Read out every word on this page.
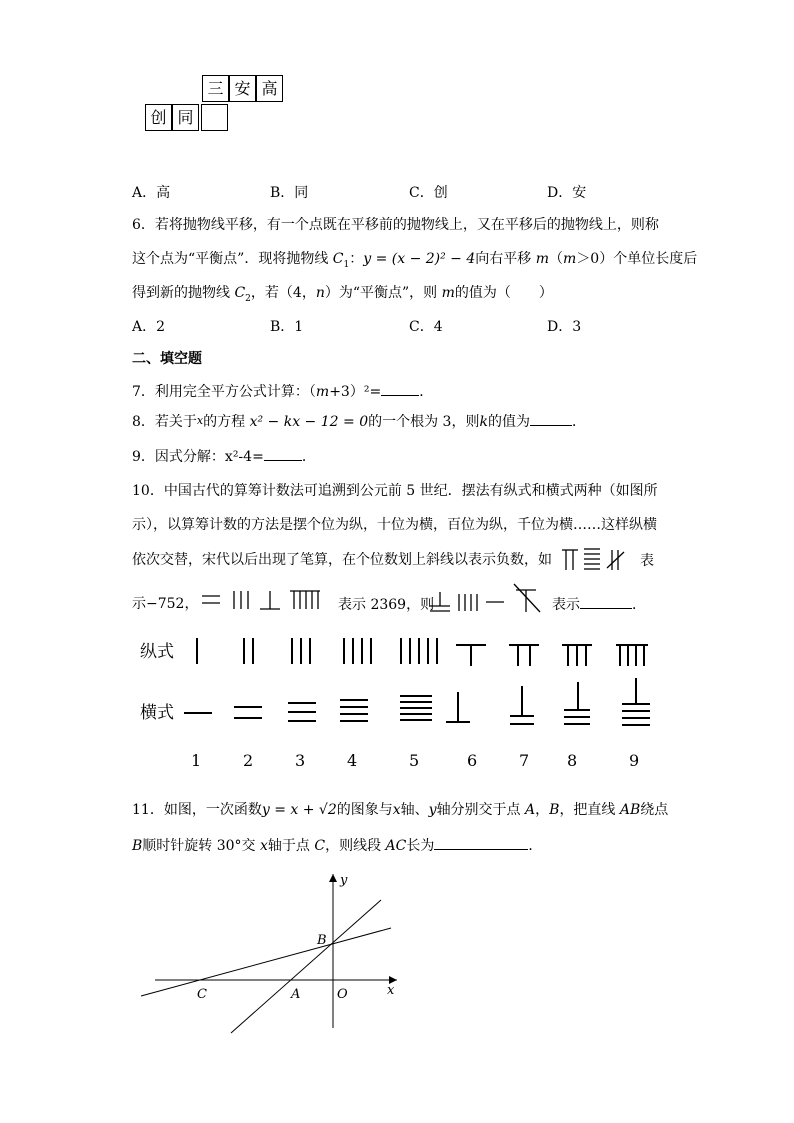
三 安 高
创 同
A．高	B．同	C．创	D．安
6．若将抛物线平移，有一个点既在平移前的抛物线上，又在平移后的抛物线上，则称
这个点为“平衡点”．现将抛物线 $C_1$：y = (x − 2)² − 4向右平移 m（m＞0）个单位长度后
得到新的抛物线 $C_2$，若（4，n）为“平衡点”，则 m的值为（　　）
A．2	B．1	C．4	D．3
二、填空题
7．利用完全平方公式计算：（m+3）²=	．
8．若关于$^x$的方程 x² − kx − 12 = 0的一个根为 3，则k的值为	．
9．因式分解：x²-4=	．
10．中国古代的算筹计数法可追溯到公元前 5 世纪．摆法有纵式和横式两种（如图所
示），以算筹计数的方法是摆个位为纵，十位为横，百位为纵，千位为横……这样纵横
依次交替，宋代以后出现了笔算，在个位数划上斜线以表示负数，如	表
示−752，	表示 2369，则	表示	．
纵式
横式
1	2	3	4	5	6	7 8	9
11．如图，一次函数y = x + √2的图象与x轴、y轴分别交于点 A，B，把直线 AB绕点
B顺时针旋转 30°交 x轴于点 C，则线段 AC长为	．
y
x
B
C	A	O
